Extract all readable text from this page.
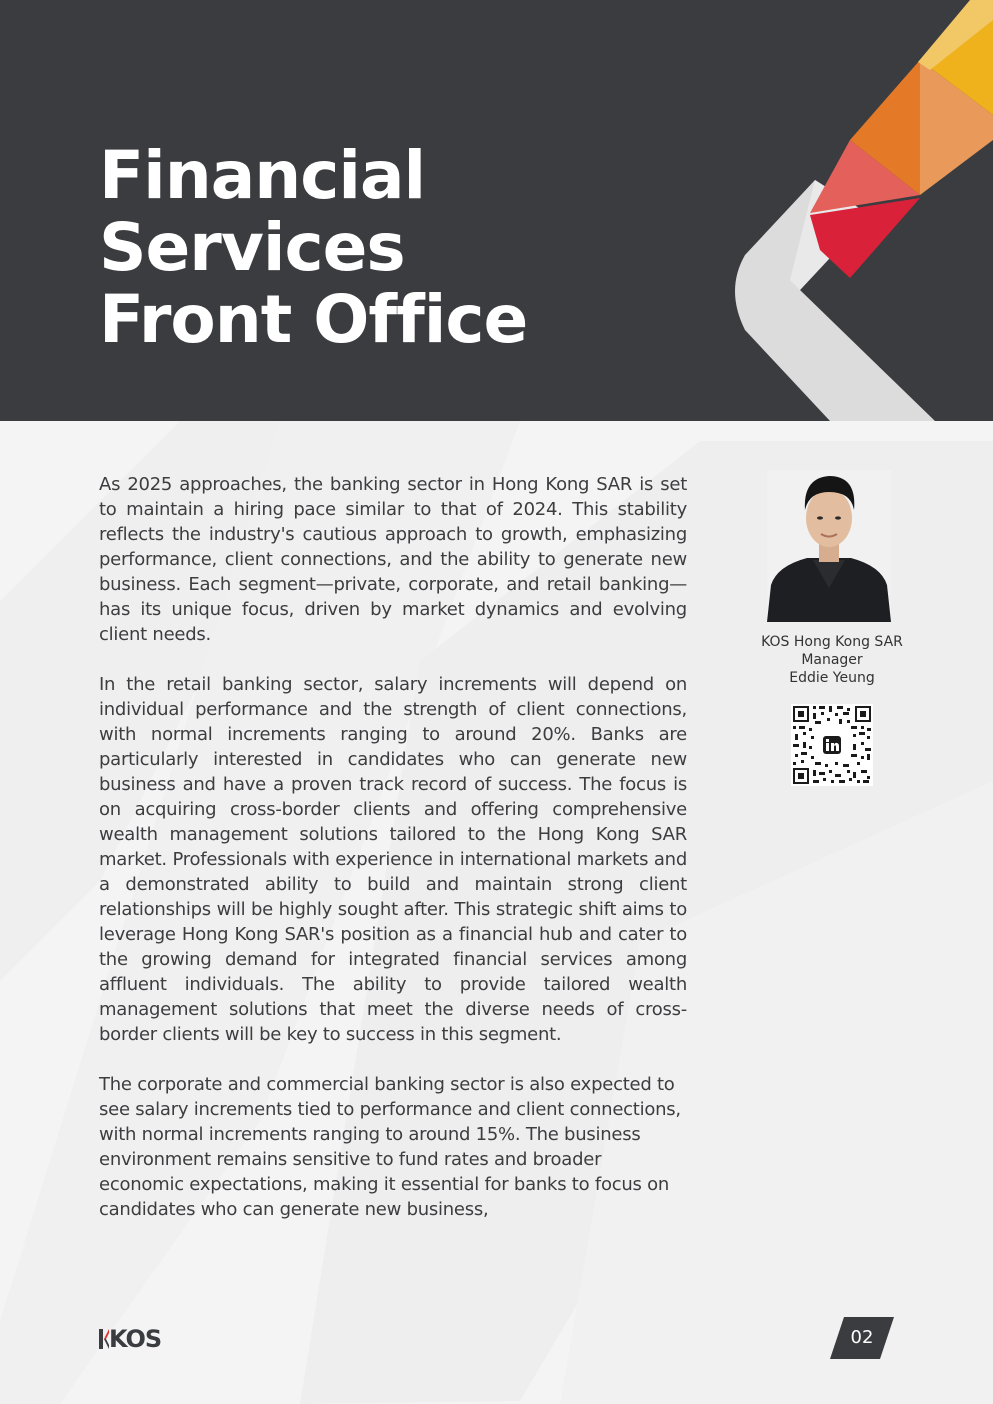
Financial
Services
Front Office

As 2025 approaches, the banking sector in Hong Kong SAR is set to maintain a hiring pace similar to that of 2024. This stability reflects the industry's cautious approach to growth, emphasizing performance, client connections, and the ability to generate new business. Each segment—private, corporate, and retail banking—has its unique focus, driven by market dynamics and evolving client needs.

In the retail banking sector, salary increments will depend on individual performance and the strength of client connections, with normal increments ranging to around 20%. Banks are particularly interested in candidates who can generate new business and have a proven track record of success. The focus is on acquiring cross-border clients and offering comprehensive wealth management solutions tailored to the Hong Kong SAR market. Professionals with experience in international markets and a demonstrated ability to build and maintain strong client relationships will be highly sought after. This strategic shift aims to leverage Hong Kong SAR's position as a financial hub and cater to the growing demand for integrated financial services among affluent individuals. The ability to provide tailored wealth management solutions that meet the diverse needs of cross-border clients will be key to success in this segment.

The corporate and commercial banking sector is also expected to see salary increments tied to performance and client connections, with normal increments ranging to around 15%. The business environment remains sensitive to fund rates and broader economic expectations, making it essential for banks to focus on candidates who can generate new business,

KOS Hong Kong SAR
Manager
Eddie Yeung
KOS	02
